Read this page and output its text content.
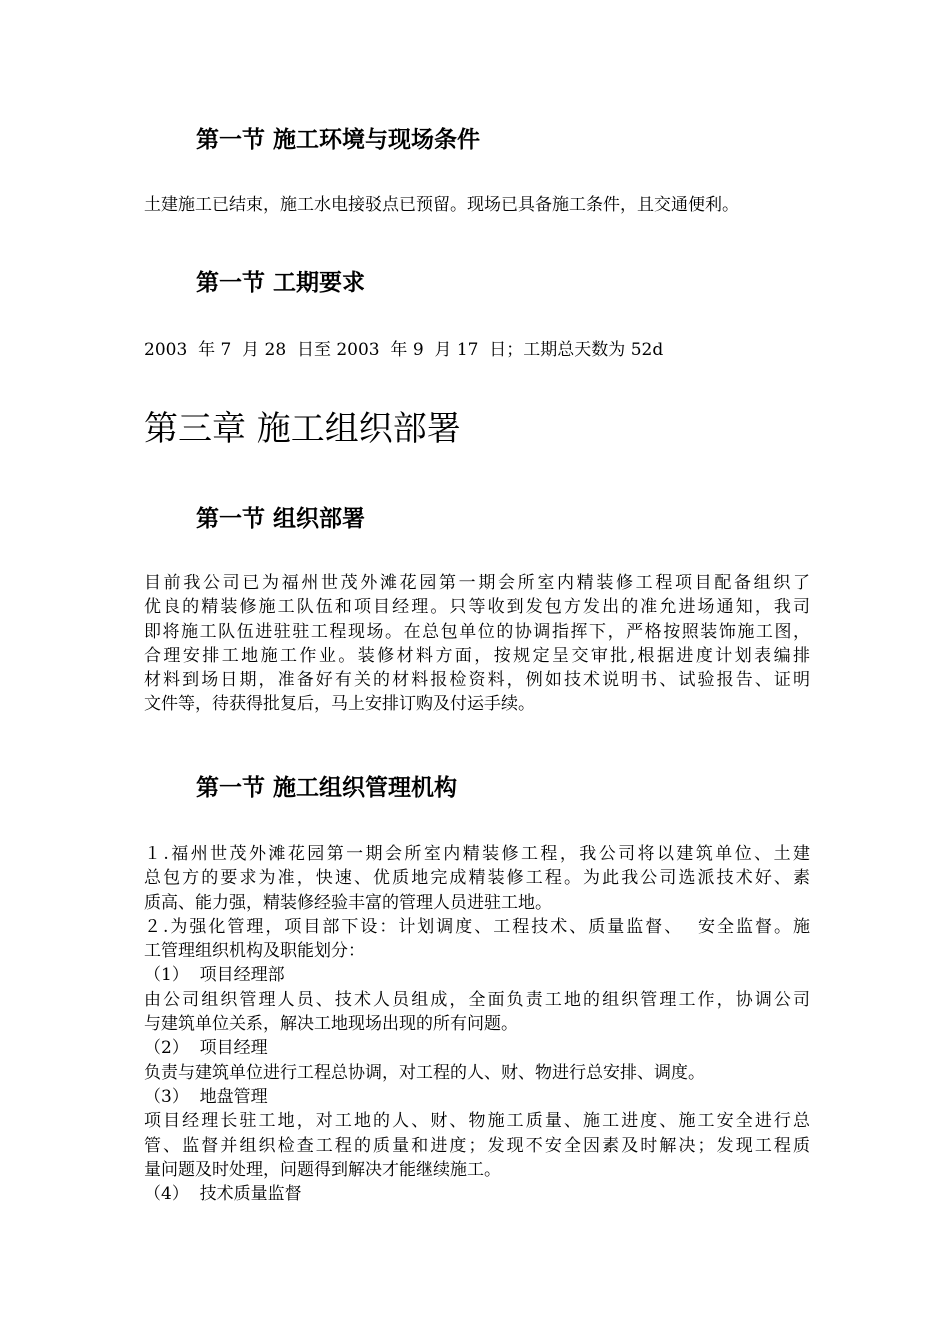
第一节 施工环境与现场条件

土建施工已结束，施工水电接驳点已预留。现场已具备施工条件，且交通便利。

第一节 工期要求

2003  年 7  月 28  日至 2003  年 9  月 17  日；工期总天数为 52d

第三章 施工组织部署
第一节 组织部署
目前我公司已为福州世茂外滩花园第一期会所室内精装修工程项目配备组织了
优良的精装修施工队伍和项目经理。只等收到发包方发出的准允进场通知，我司
即将施工队伍进驻驻工程现场。在总包单位的协调指挥下，严格按照装饰施工图，
合理安排工地施工作业。装修材料方面，按规定呈交审批,根据进度计划表编排
材料到场日期，准备好有关的材料报检资料，例如技术说明书、试验报告、证明
文件等，待获得批复后，马上安排订购及付运手续。
第一节 施工组织管理机构
１.福州世茂外滩花园第一期会所室内精装修工程，我公司将以建筑单位、土建
总包方的要求为准，快速、优质地完成精装修工程。为此我公司选派技术好、素
质高、能力强，精装修经验丰富的管理人员进驻工地。
２.为强化管理，项目部下设：计划调度、工程技术、质量监督、  安全监督。施
工管理组织机构及职能划分：
（1）  项目经理部
由公司组织管理人员、技术人员组成，全面负责工地的组织管理工作，协调公司
与建筑单位关系，解决工地现场出现的所有问题。
（2）  项目经理
负责与建筑单位进行工程总协调，对工程的人、财、物进行总安排、调度。
（3）  地盘管理
项目经理长驻工地，对工地的人、财、物施工质量、施工进度、施工安全进行总
管、监督并组织检查工程的质量和进度；发现不安全因素及时解决；发现工程质
量问题及时处理，问题得到解决才能继续施工。
（4）  技术质量监督
